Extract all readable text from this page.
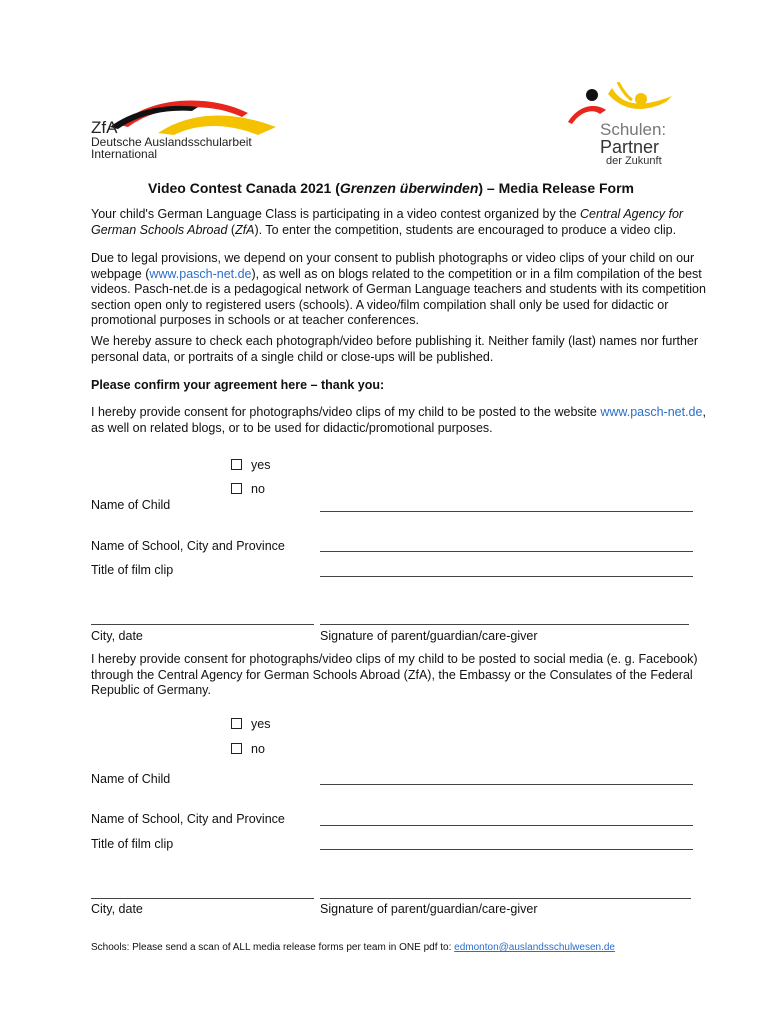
ZfA
Deutsche Auslandsschularbeit
International
Schulen:
Partner
der Zukunft
Video Contest Canada 2021 (Grenzen überwinden) – Media Release Form

Your child's German Language Class is participating in a video contest organized by the Central Agency for German Schools Abroad (ZfA). To enter the competition, students are encouraged to produce a video clip.

Due to legal provisions, we depend on your consent to publish photographs or video clips of your child on our webpage (www.pasch-net.de), as well as on blogs related to the competition or in a film compilation of the best videos. Pasch-net.de is a pedagogical network of German Language teachers and students with its competition section open only to registered users (schools). A video/film compilation shall only be used for didactic or promotional purposes in schools or at teacher conferences.

We hereby assure to check each photograph/video before publishing it. Neither family (last) names nor further personal data, or portraits of a single child or close-ups will be published.

Please confirm your agreement here – thank you:

I hereby provide consent for photographs/video clips of my child to be posted to the website www.pasch-net.de, as well on related blogs, or to be used for didactic/promotional purposes.

yes
no
Name of Child
Name of School, City and Province
Title of film clip
City, date	Signature of parent/guardian/care-giver

I hereby provide consent for photographs/video clips of my child to be posted to social media (e. g. Facebook) through the Central Agency for German Schools Abroad (ZfA), the Embassy or the Consulates of the Federal Republic of Germany.

yes
no
Name of Child
Name of School, City and Province
Title of film clip
City, date	Signature of parent/guardian/care-giver
Schools: Please send a scan of ALL media release forms per team in ONE pdf to: edmonton@auslandsschulwesen.de
